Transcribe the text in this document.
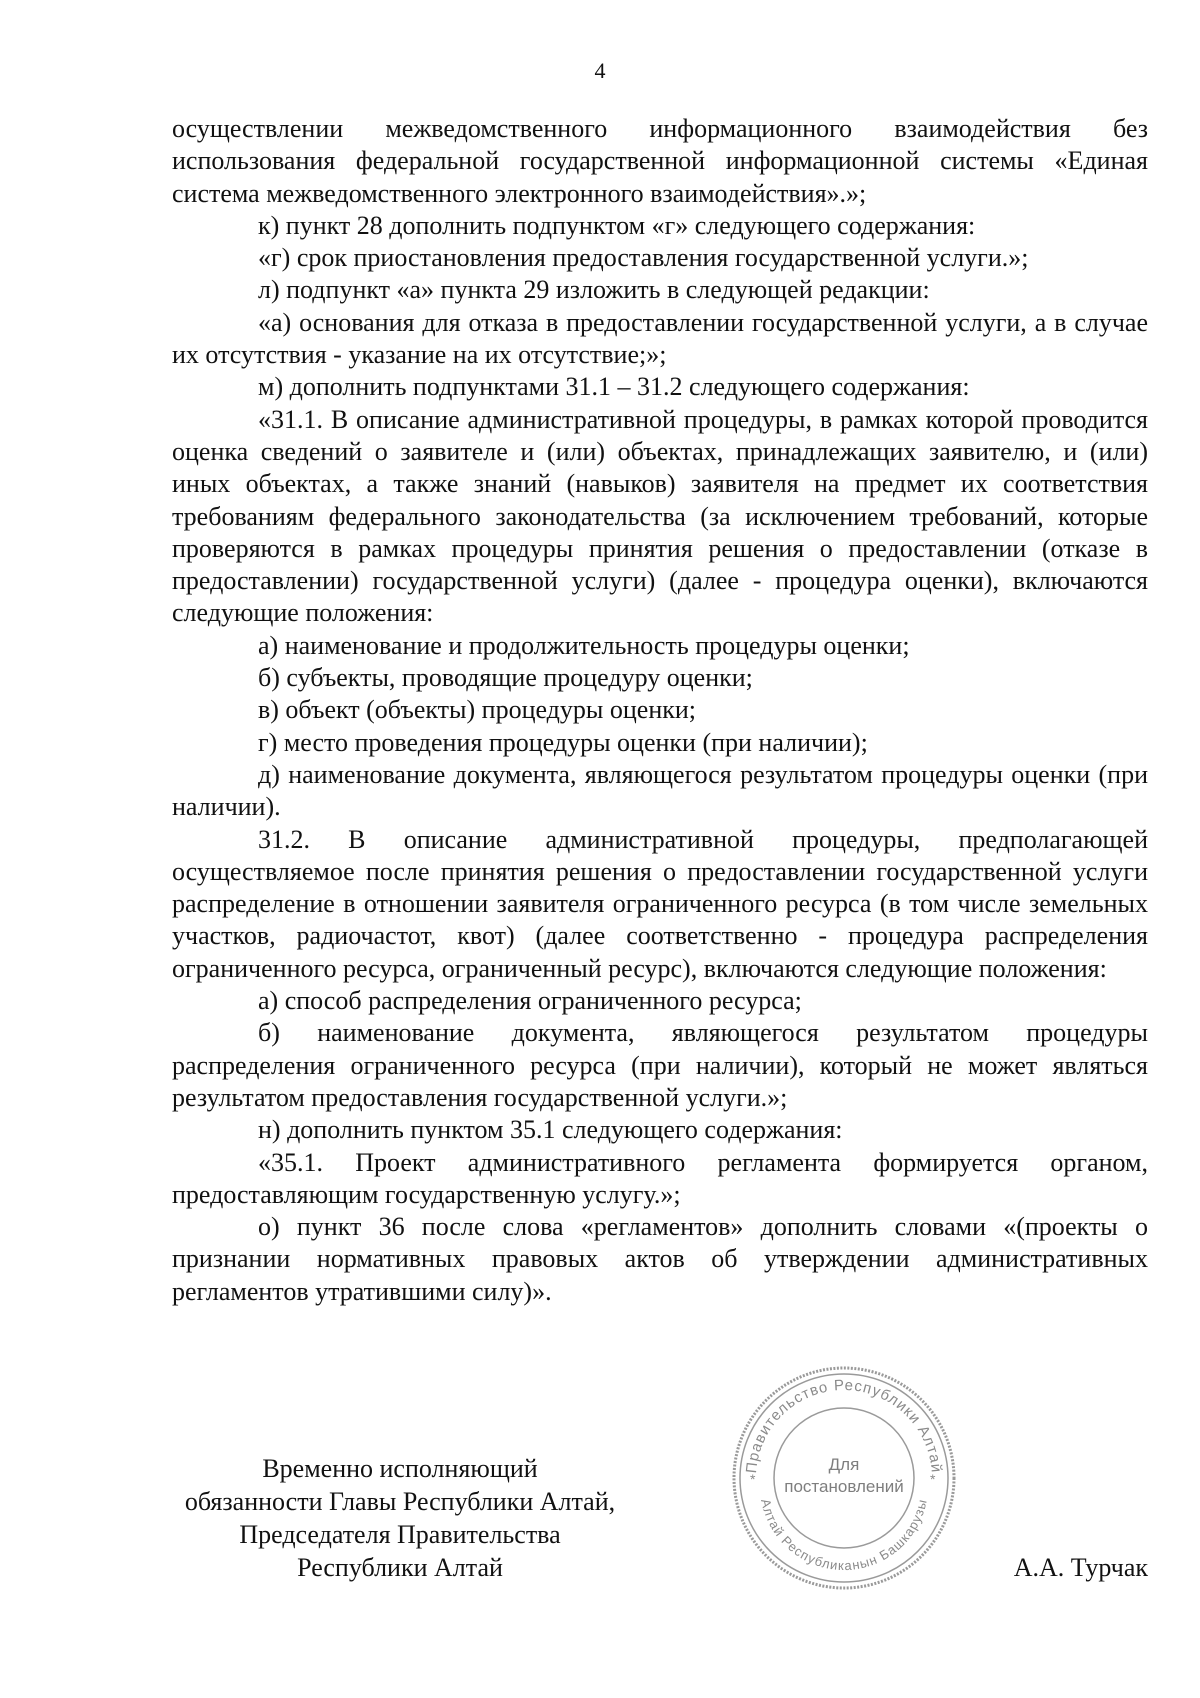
4

осуществлении межведомственного информационного взаимодействия без использования федеральной государственной информационной системы «Единая система межведомственного электронного взаимодействия».»;

к) пункт 28 дополнить подпунктом «г» следующего содержания:

«г) срок приостановления предоставления государственной услуги.»;

л) подпункт «а» пункта 29 изложить в следующей редакции:

«а) основания для отказа в предоставлении государственной услуги, а в случае их отсутствия - указание на их отсутствие;»;

м) дополнить подпунктами 31.1 – 31.2 следующего содержания:

«31.1. В описание административной процедуры, в рамках которой проводится оценка сведений о заявителе и (или) объектах, принадлежащих заявителю, и (или) иных объектах, а также знаний (навыков) заявителя на предмет их соответствия требованиям федерального законодательства (за исключением требований, которые проверяются в рамках процедуры принятия решения о предоставлении (отказе в предоставлении) государственной услуги) (далее - процедура оценки), включаются следующие положения:

а) наименование и продолжительность процедуры оценки;

б) субъекты, проводящие процедуру оценки;

в) объект (объекты) процедуры оценки;

г) место проведения процедуры оценки (при наличии);

д) наименование документа, являющегося результатом процедуры оценки (при наличии).

31.2. В описание административной процедуры, предполагающей осуществляемое после принятия решения о предоставлении государственной услуги распределение в отношении заявителя ограниченного ресурса (в том числе земельных участков, радиочастот, квот) (далее соответственно - процедура распределения ограниченного ресурса, ограниченный ресурс), включаются следующие положения:

а) способ распределения ограниченного ресурса;

б) наименование документа, являющегося результатом процедуры распределения ограниченного ресурса (при наличии), который не может являться результатом предоставления государственной услуги.»;

н) дополнить пунктом 35.1 следующего содержания:

«35.1. Проект административного регламента формируется органом, предоставляющим государственную услугу.»;

о) пункт 36 после слова «регламентов» дополнить словами «(проекты о признании нормативных правовых актов об утверждении административных регламентов утратившими силу)».

Временно исполняющий
обязанности Главы Республики Алтай,
Председателя Правительства
Республики Алтай
Правительство Республики Алтай
Алтай Республиканын Башкарузы
*	*
Для
постановлений
А.А. Турчак
